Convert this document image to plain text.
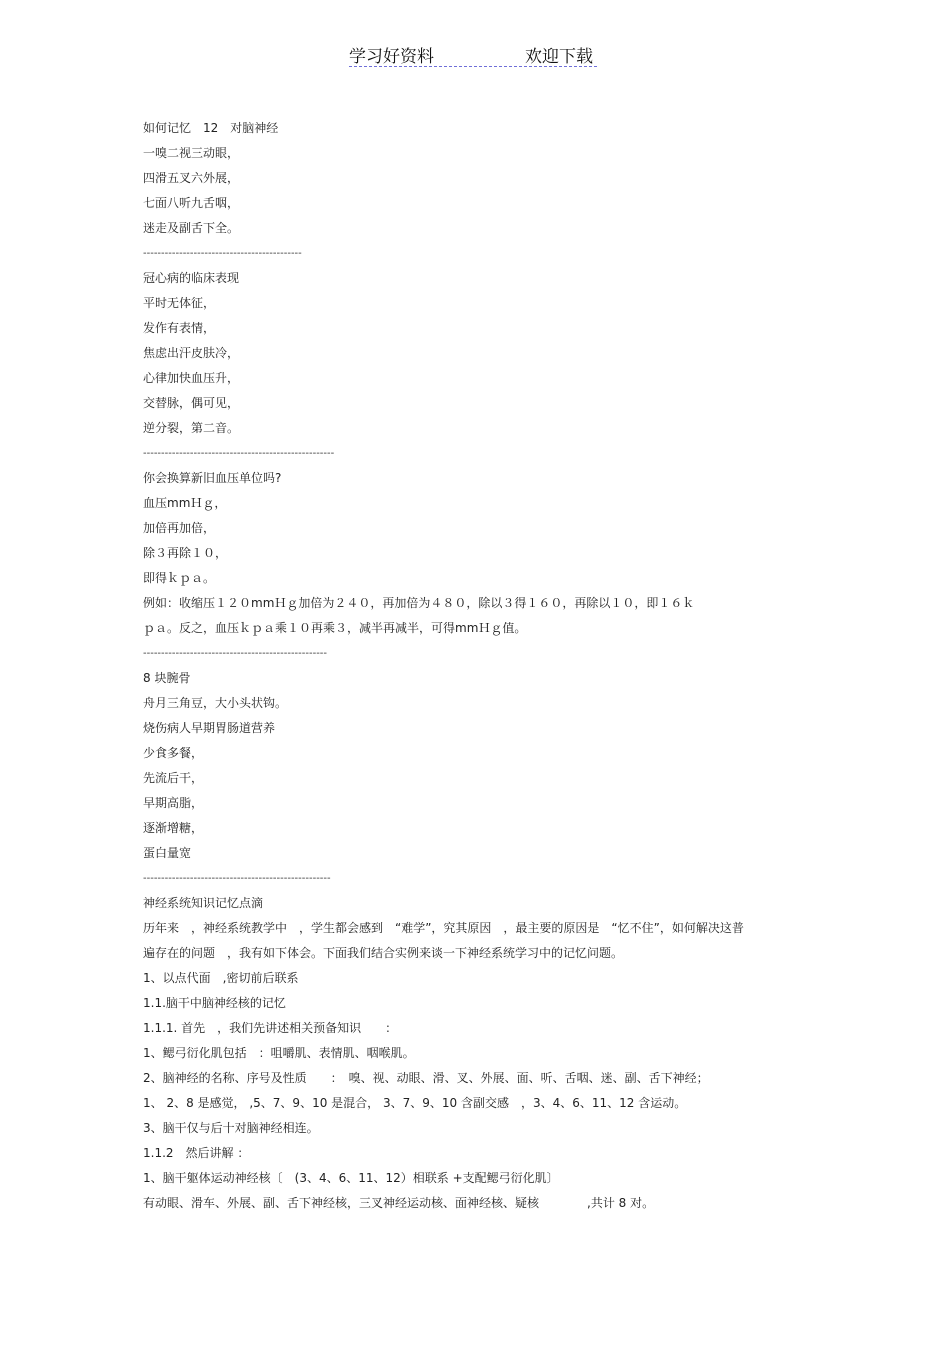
学习好资料	欢迎下载
如何记忆　12　对脑神经
一嗅二视三动眼，
四滑五叉六外展，
七面八听九舌咽，
迷走及副舌下全。
--------------------------------------------
冠心病的临床表现
平时无体征，
发作有表情，
焦虑出汗皮肤冷，
心律加快血压升，
交替脉，偶可见，
逆分裂，第二音。
-----------------------------------------------------
你会换算新旧血压单位吗?
血压mmＨｇ，
加倍再加倍，
除３再除１０，
即得ｋｐａ。
例如：收缩压１２０mmＨｇ加倍为２４０，再加倍为４８０，除以３得１６０，再除以１０，即１６ｋ
ｐａ。反之，血压ｋｐａ乘１０再乘３，减半再减半，可得mmＨｇ值。
---------------------------------------------------
8 块腕骨
舟月三角豆，大小头状钩。
烧伤病人早期胃肠道营养
少食多餐，
先流后干，
早期高脂，
逐渐增糖，
蛋白量宽
----------------------------------------------------
神经系统知识记忆点滴
历年来　，神经系统教学中　，学生都会感到　“难学”，究其原因　，最主要的原因是　“忆不住”，如何解决这普
遍存在的问题　，我有如下体会。下面我们结合实例来谈一下神经系统学习中的记忆问题。
1、以点代面　,密切前后联系
1.1.脑干中脑神经核的记忆
1.1.1. 首先　，我们先讲述相关预备知识　　：
1、鳃弓衍化肌包括　：咀嚼肌、表情肌、咽喉肌。
2、脑神经的名称、序号及性质　　：　嗅、视、动眼、滑、叉、外展、面、听、舌咽、迷、副、舌下神经；
1、 2、8 是感觉， ,5、7、9、10 是混合， 3、7、9、10 含副交感　，3、4、6、11、12 含运动。
3、脑干仅与后十对脑神经相连。
1.1.2　然后讲解 ：
1、脑干躯体运动神经核〔　(3、4、6、11、12）相联系 +支配鳃弓衍化肌〕
有动眼、滑车、外展、副、舌下神经核，三叉神经运动核、面神经核、疑核　　　　,共计 8 对。
